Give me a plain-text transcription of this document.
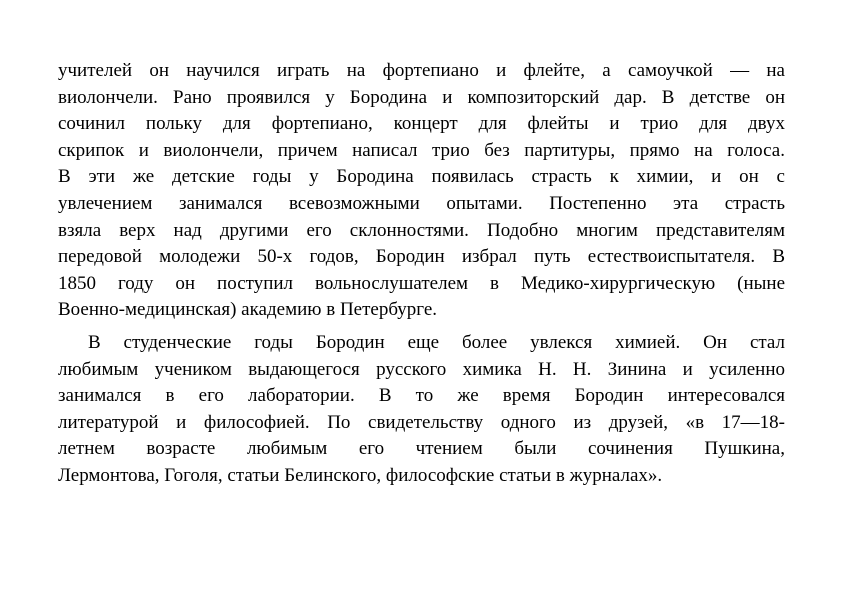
учителей он научился играть на фортепиано и флейте, а самоучкой — на
виолончели. Рано проявился у Бородина и композиторский дар. В детстве он
сочинил польку для фортепиано, концерт для флейты и трио для двух
скрипок и виолончели, причем написал трио без партитуры, прямо на голоса.
В эти же детские годы у Бородина появилась страсть к химии, и он с
увлечением занимался всевозможными опытами. Постепенно эта страсть
взяла верх над другими его склонностями. Подобно многим представителям
передовой молодежи 50-х годов, Бородин избрал путь естествоиспытателя. В
1850 году он поступил вольнослушателем в Медико-хирургическую (ныне
Военно-медицинская) академию в Петербурге.
В студенческие годы Бородин еще более увлекся химией. Он стал
любимым учеником выдающегося русского химика Н. Н. Зинина и усиленно
занимался в его лаборатории. В то же время Бородин интересовался
литературой и философией. По свидетельству одного из друзей, «в 17—18-
летнем возрасте любимым его чтением были сочинения Пушкина,
Лермонтова, Гоголя, статьи Белинского, философские статьи в журналах».
